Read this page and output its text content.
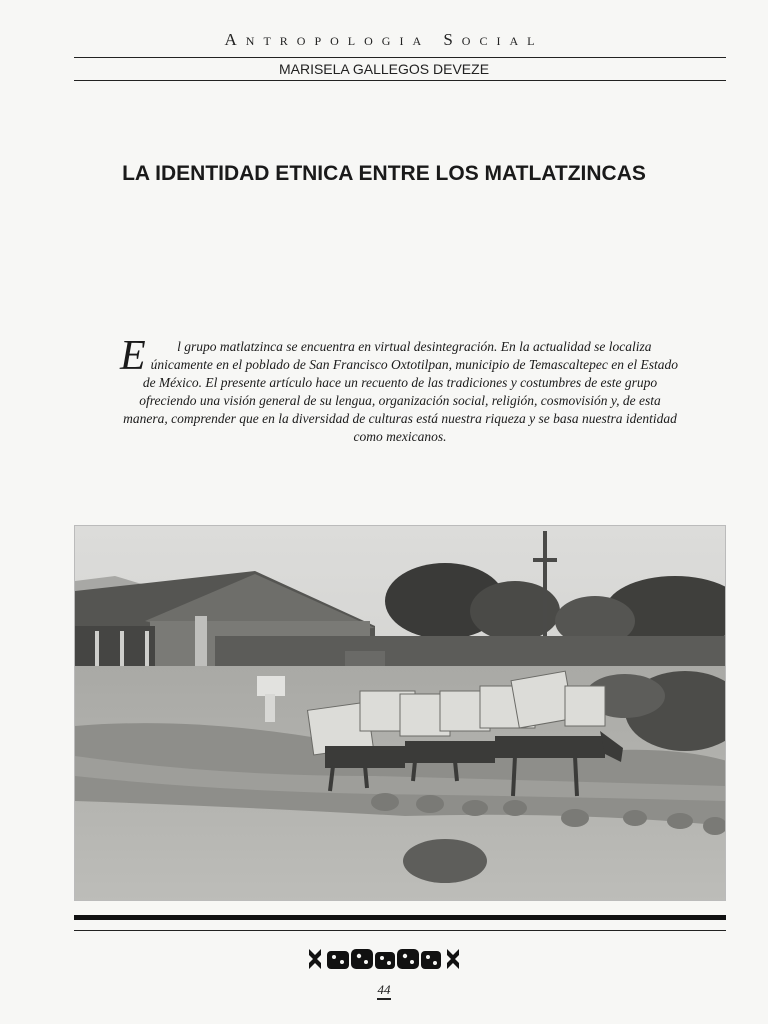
Antropologia Social
MARISELA GALLEGOS DEVEZE
LA IDENTIDAD ETNICA ENTRE LOS MATLATZINCAS
E l grupo matlatzinca se encuentra en virtual desintegración. En la actualidad se localiza únicamente en el poblado de San Francisco Oxtotilpan, municipio de Temascaltepec en el Estado de México. El presente artículo hace un recuento de las tradiciones y costumbres de este grupo ofreciendo una visión general de su lengua, organización social, religión, cosmovisión y, de esta manera, comprender que en la diversidad de culturas está nuestra riqueza y se basa nuestra identidad como mexicanos.
44
